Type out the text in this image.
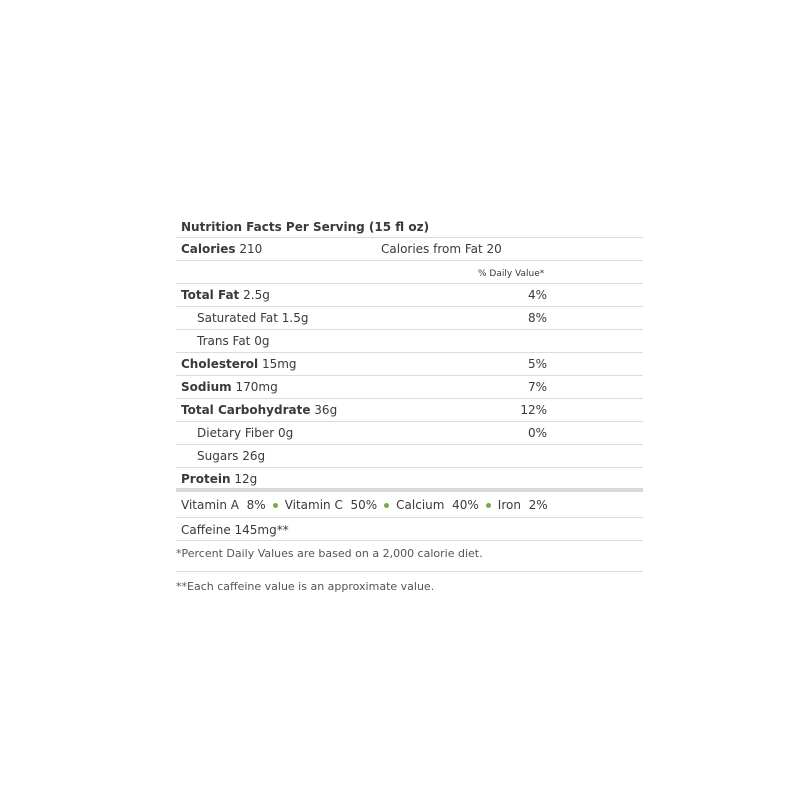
Nutrition Facts Per Serving (15 fl oz)
Calories 210	Calories from Fat 20
% Daily Value*
Total Fat 2.5g	4%
Saturated Fat 1.5g	8%
Trans Fat 0g
Cholesterol 15mg	5%
Sodium 170mg	7%
Total Carbohydrate 36g	12%
Dietary Fiber 0g	0%
Sugars 26g
Protein 12g
Vitamin A 8% Vitamin C 50% Calcium 40% Iron 2%
Caffeine 145mg**
*Percent Daily Values are based on a 2,000 calorie diet.
**Each caffeine value is an approximate value.
